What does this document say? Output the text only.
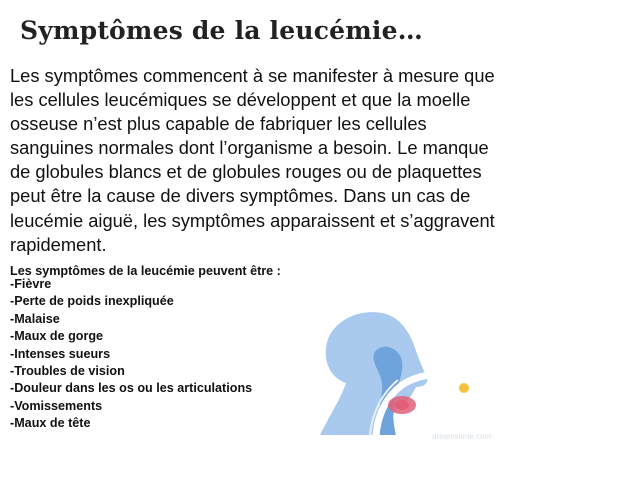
Symptômes de la leucémie…
Les symptômes commencent à se manifester à mesure que
les cellules leucémiques se développent et que la moelle
osseuse n’est plus capable de fabriquer les cellules
sanguines normales dont l’organisme a besoin. Le manque
de globules blancs et de globules rouges ou de plaquettes
peut être la cause de divers symptômes. Dans un cas de
leucémie aiguë, les symptômes apparaissent et s’aggravent
rapidement.
Les symptômes de la leucémie peuvent être :
-Fièvre
-Perte de poids inexpliquée
-Malaise
-Maux de gorge
-Intenses sueurs
-Troubles de vision
-Douleur dans les os ou les articulations
-Vomissements
-Maux de tête
dreamstime.com
